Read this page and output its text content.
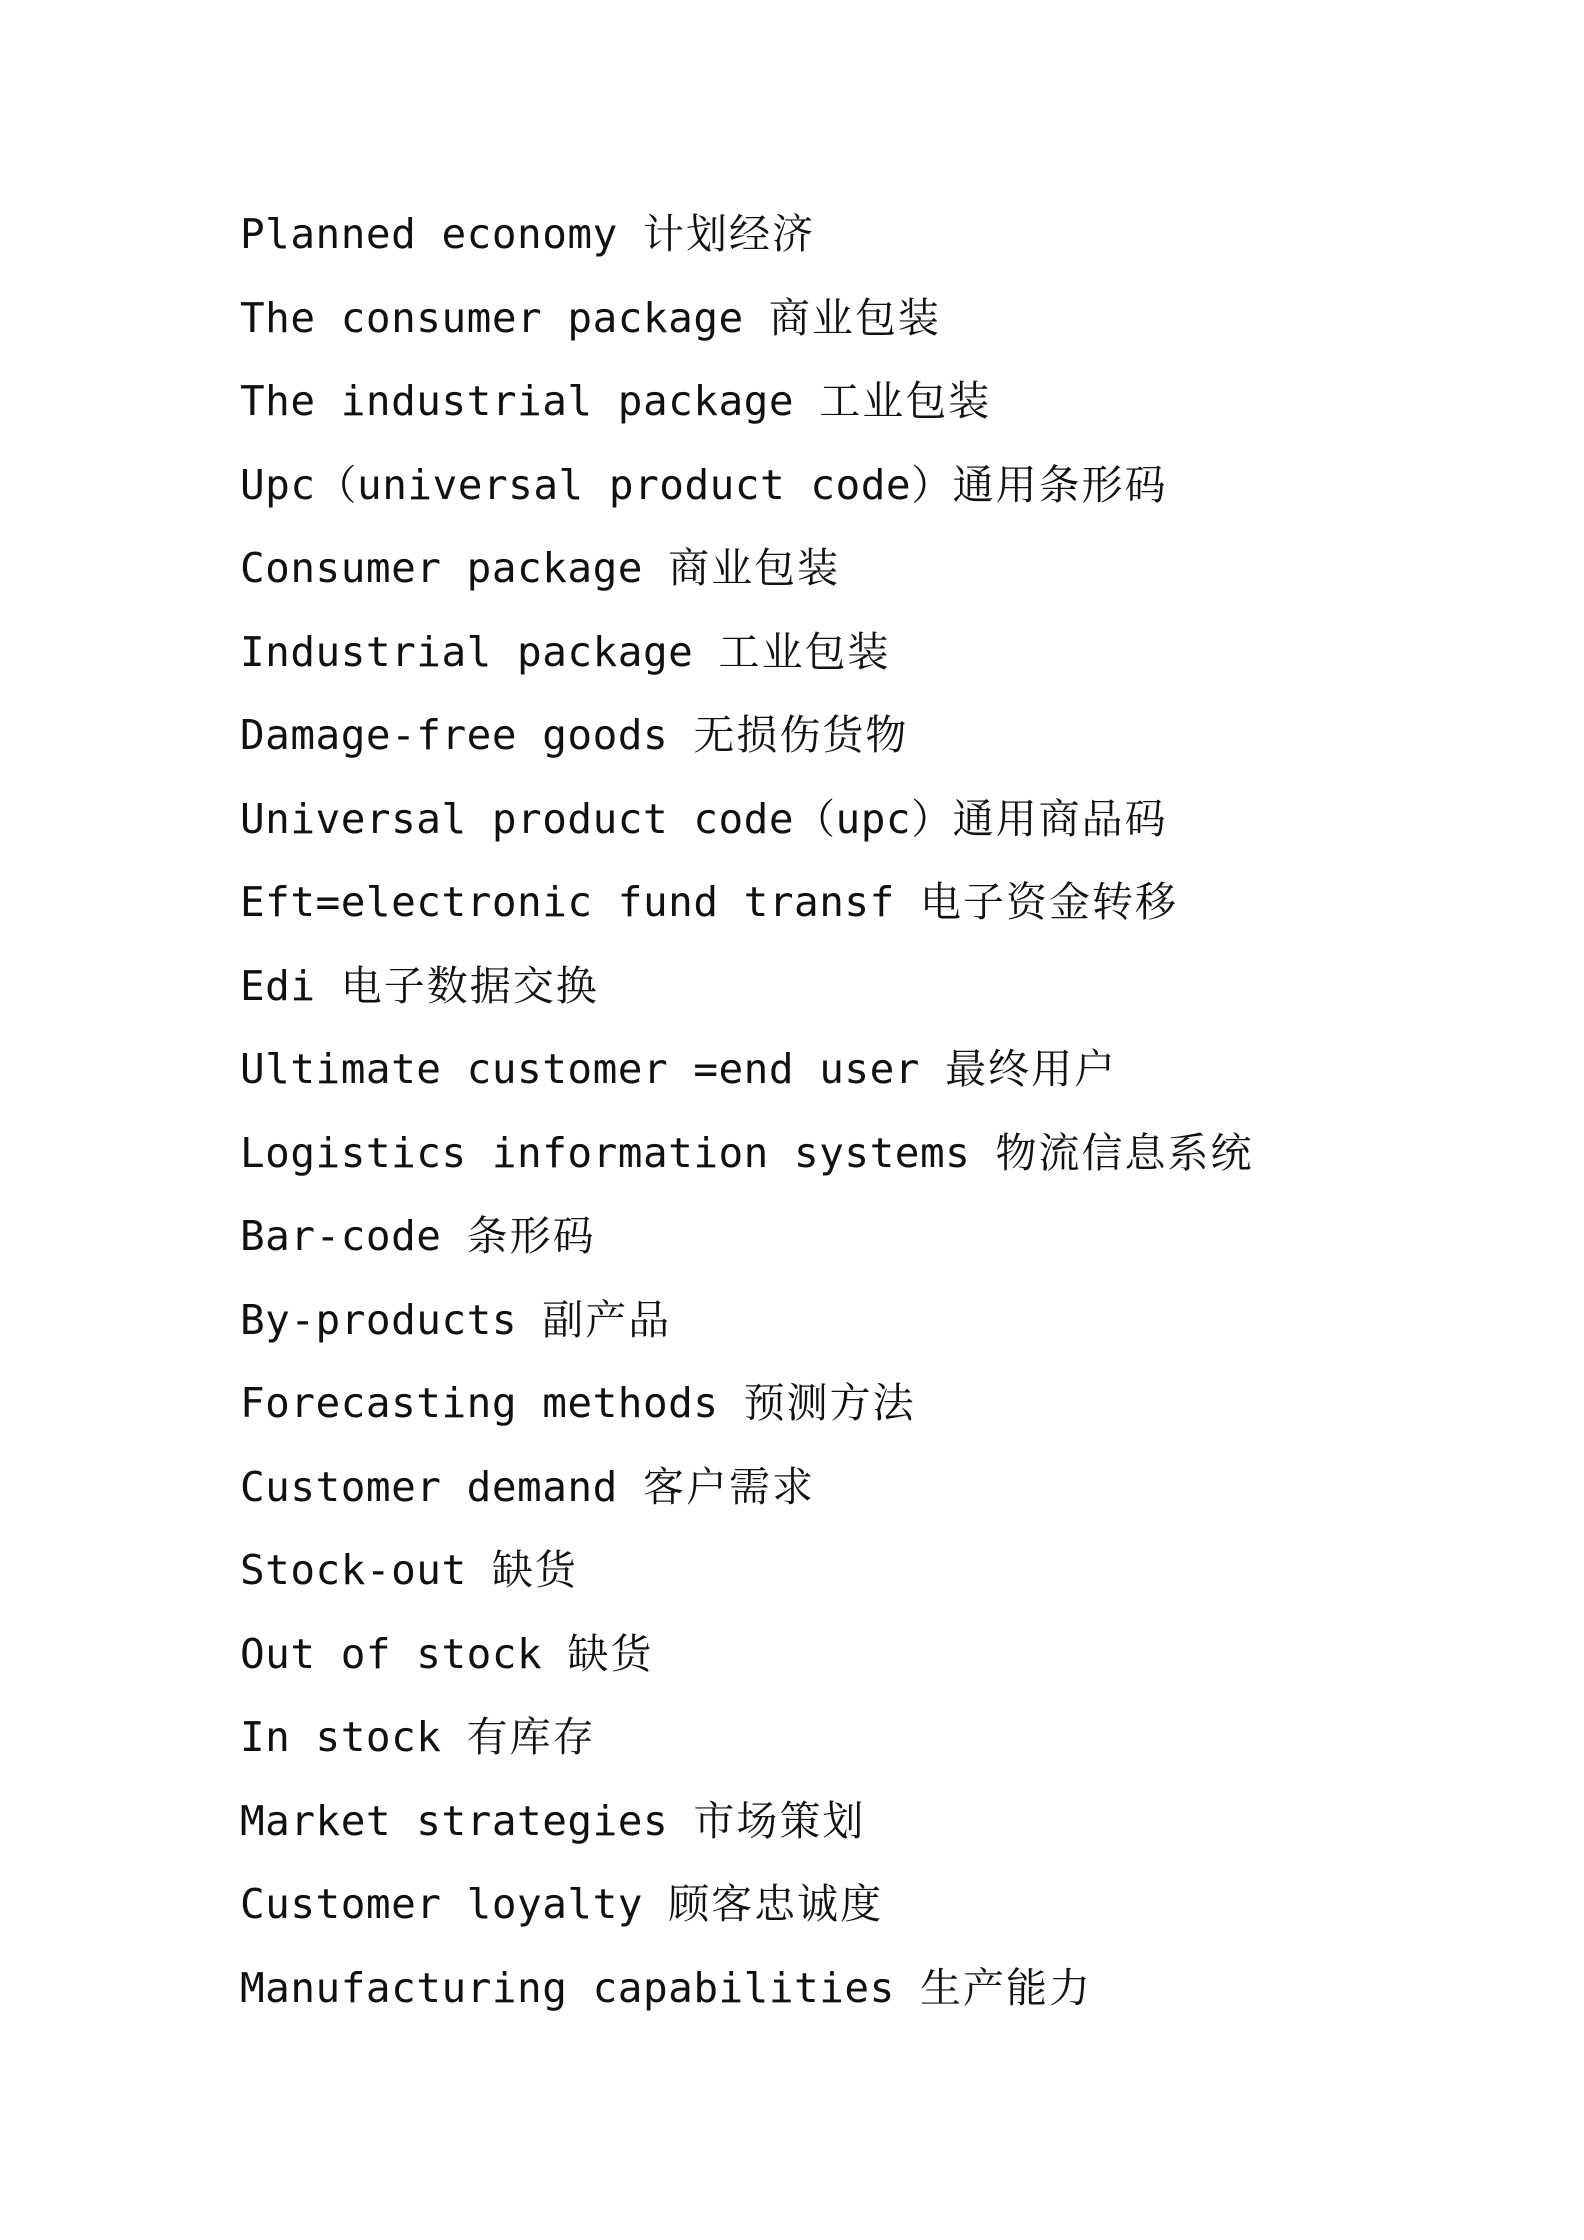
Planned economy 计划经济
The consumer package 商业包装
The industrial package 工业包装
Upc（universal product code）通用条形码
Consumer package 商业包装
Industrial package 工业包装
Damage-free goods 无损伤货物
Universal product code（upc）通用商品码
Eft=electronic fund transf 电子资金转移
Edi 电子数据交换
Ultimate customer =end user 最终用户
Logistics information systems 物流信息系统
Bar-code 条形码
By-products 副产品
Forecasting methods 预测方法
Customer demand 客户需求
Stock-out 缺货
Out of stock 缺货
In stock 有库存
Market strategies 市场策划
Customer loyalty 顾客忠诚度
Manufacturing capabilities 生产能力
